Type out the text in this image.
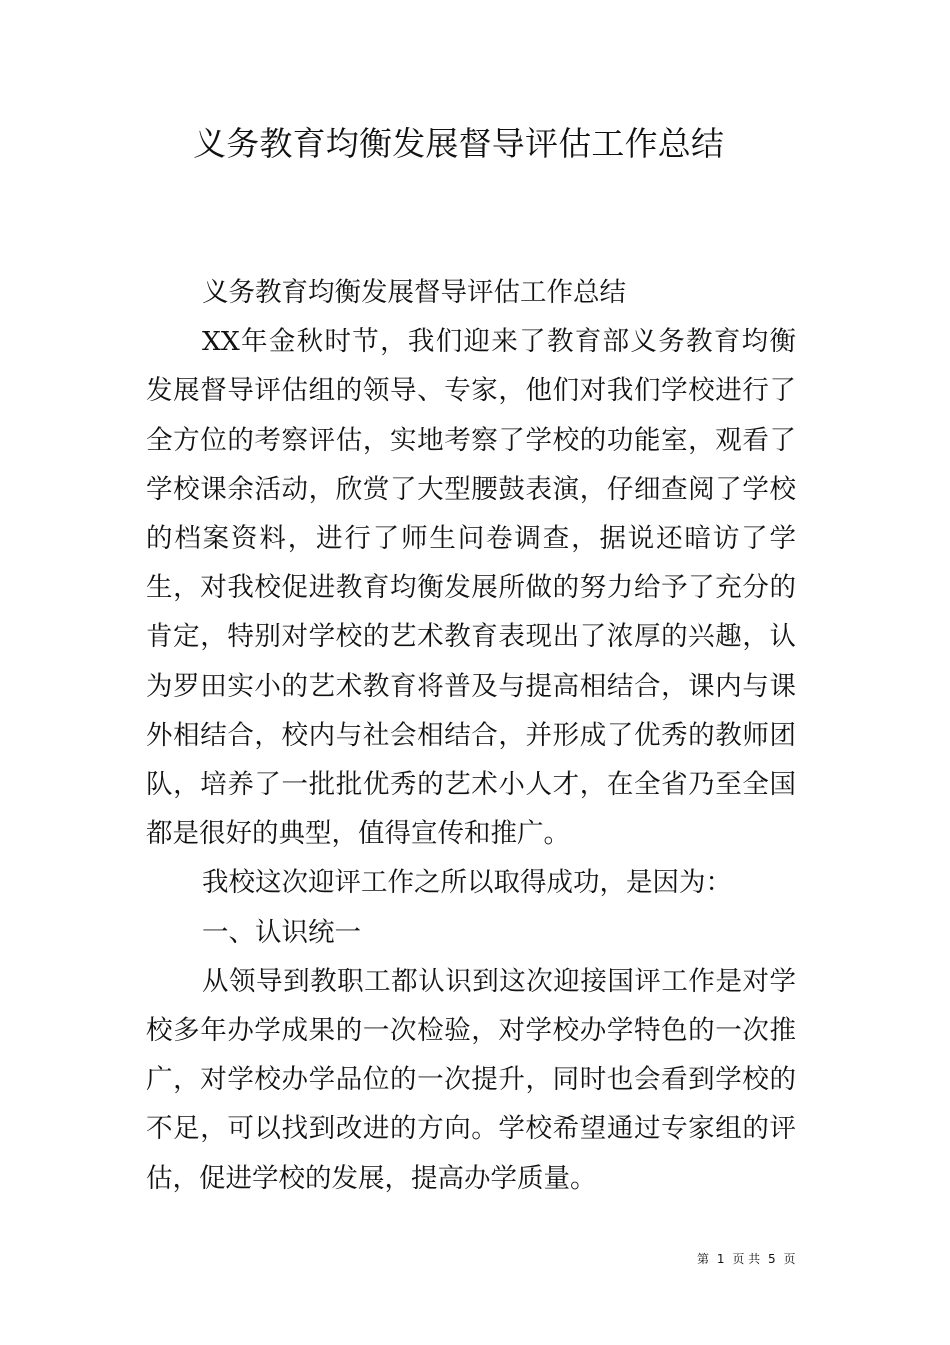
义务教育均衡发展督导评估工作总结

义务教育均衡发展督导评估工作总结

XX年金秋时节，我们迎来了教育部义务教育均衡发展督导评估组的领导、专家，他们对我们学校进行了全方位的考察评估，实地考察了学校的功能室，观看了学校课余活动，欣赏了大型腰鼓表演，仔细查阅了学校的档案资料，进行了师生问卷调查，据说还暗访了学生，对我校促进教育均衡发展所做的努力给予了充分的肯定，特别对学校的艺术教育表现出了浓厚的兴趣，认为罗田实小的艺术教育将普及与提高相结合，课内与课外相结合，校内与社会相结合，并形成了优秀的教师团队，培养了一批批优秀的艺术小人才，在全省乃至全国都是很好的典型，值得宣传和推广。

我校这次迎评工作之所以取得成功，是因为：

一、认识统一

从领导到教职工都认识到这次迎接国评工作是对学校多年办学成果的一次检验，对学校办学特色的一次推广，对学校办学品位的一次提升，同时也会看到学校的不足，可以找到改进的方向。学校希望通过专家组的评估，促进学校的发展，提高办学质量。

第 1 页 共 5 页
